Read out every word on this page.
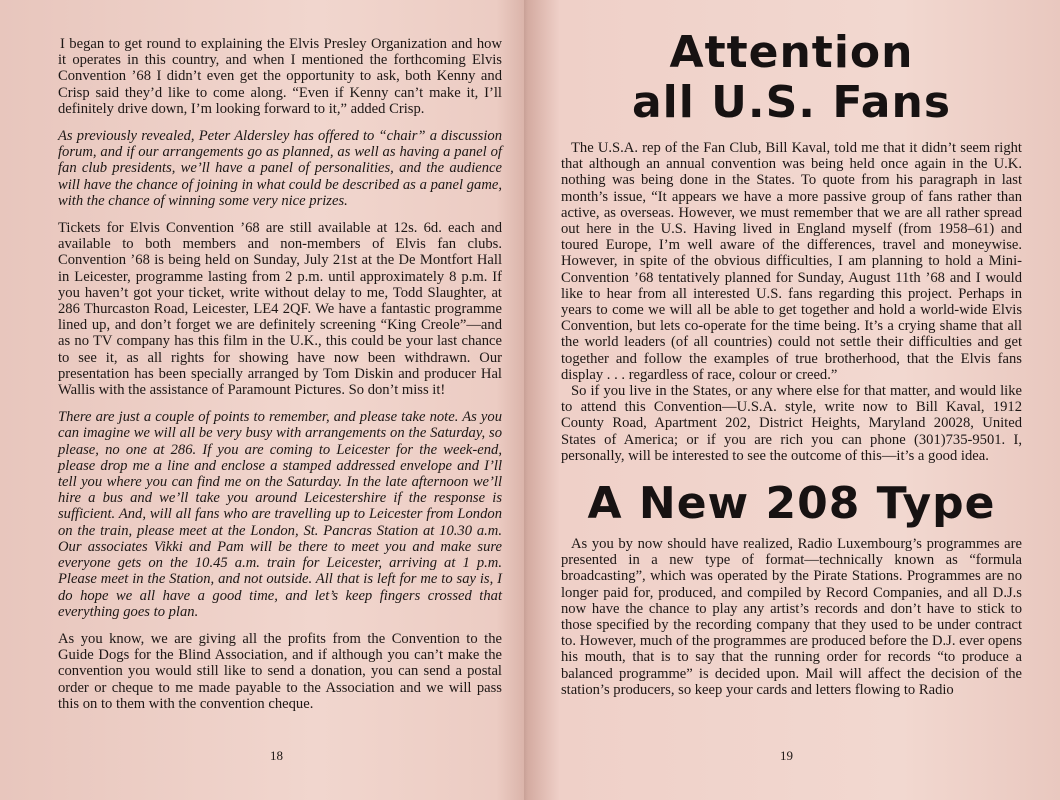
I began to get round to explaining the Elvis Presley Organization and how it operates in this country, and when I mentioned the forthcoming Elvis Convention ’68 I didn’t even get the opportunity to ask, both Kenny and Crisp said they’d like to come along. “Even if Kenny can’t make it, I’ll definitely drive down, I’m looking forward to it,” added Crisp.

As previously revealed, Peter Aldersley has offered to “chair” a discussion forum, and if our arrangements go as planned, as well as having a panel of fan club presidents, we’ll have a panel of personalities, and the audience will have the chance of joining in what could be described as a panel game, with the chance of winning some very nice prizes.

Tickets for Elvis Convention ’68 are still available at 12s. 6d. each and available to both members and non-members of Elvis fan clubs. Convention ’68 is being held on Sunday, July 21st at the De Montfort Hall in Leicester, programme lasting from 2 p.m. until approximately 8 p.m. If you haven’t got your ticket, write without delay to me, Todd Slaughter, at 286 Thurcaston Road, Leicester, LE4 2QF. We have a fantastic programme lined up, and don’t forget we are definitely screening “King Creole”—and as no TV company has this film in the U.K., this could be your last chance to see it, as all rights for showing have now been withdrawn. Our presentation has been specially arranged by Tom Diskin and producer Hal Wallis with the assistance of Paramount Pictures. So don’t miss it!

There are just a couple of points to remember, and please take note. As you can imagine we will all be very busy with arrangements on the Saturday, so please, no one at 286. If you are coming to Leicester for the week-end, please drop me a line and enclose a stamped addressed envelope and I’ll tell you where you can find me on the Saturday. In the late afternoon we’ll hire a bus and we’ll take you around Leicestershire if the response is sufficient. And, will all fans who are travelling up to Leicester from London on the train, please meet at the London, St. Pancras Station at 10.30 a.m. Our associates Vikki and Pam will be there to meet you and make sure everyone gets on the 10.45 a.m. train for Leicester, arriving at 1 p.m. Please meet in the Station, and not outside. All that is left for me to say is, I do hope we all have a good time, and let’s keep fingers crossed that everything goes to plan.

As you know, we are giving all the profits from the Convention to the Guide Dogs for the Blind Association, and if although you can’t make the convention you would still like to send a donation, you can send a postal order or cheque to me made payable to the Association and we will pass this on to them with the convention cheque.

18
Attention
all U.S. Fans

The U.S.A. rep of the Fan Club, Bill Kaval, told me that it didn’t seem right that although an annual convention was being held once again in the U.K. nothing was being done in the States. To quote from his paragraph in last month’s issue, “It appears we have a more passive group of fans rather than active, as overseas. However, we must remember that we are all rather spread out here in the U.S. Having lived in England myself (from 1958–61) and toured Europe, I’m well aware of the differences, travel and moneywise. However, in spite of the obvious difficulties, I am planning to hold a Mini-Convention ’68 tentatively planned for Sunday, August 11th ’68 and I would like to hear from all interested U.S. fans regarding this project. Perhaps in years to come we will all be able to get together and hold a world-wide Elvis Convention, but lets co-operate for the time being. It’s a crying shame that all the world leaders (of all countries) could not settle their difficulties and get together and follow the examples of true brotherhood, that the Elvis fans display . . . regardless of race, colour or creed.”

So if you live in the States, or any where else for that matter, and would like to attend this Convention—U.S.A. style, write now to Bill Kaval, 1912 County Road, Apartment 202, District Heights, Maryland 20028, United States of America; or if you are rich you can phone (301)735-9501. I, personally, will be interested to see the outcome of this—it’s a good idea.

A New 208 Type

As you by now should have realized, Radio Luxembourg’s programmes are presented in a new type of format—technically known as “formula broadcasting”, which was operated by the Pirate Stations. Programmes are no longer paid for, produced, and compiled by Record Companies, and all D.J.s now have the chance to play any artist’s records and don’t have to stick to those specified by the recording company that they used to be under contract to. However, much of the programmes are produced before the D.J. ever opens his mouth, that is to say that the running order for records “to produce a balanced programme” is decided upon. Mail will affect the decision of the station’s producers, so keep your cards and letters flowing to Radio

19
